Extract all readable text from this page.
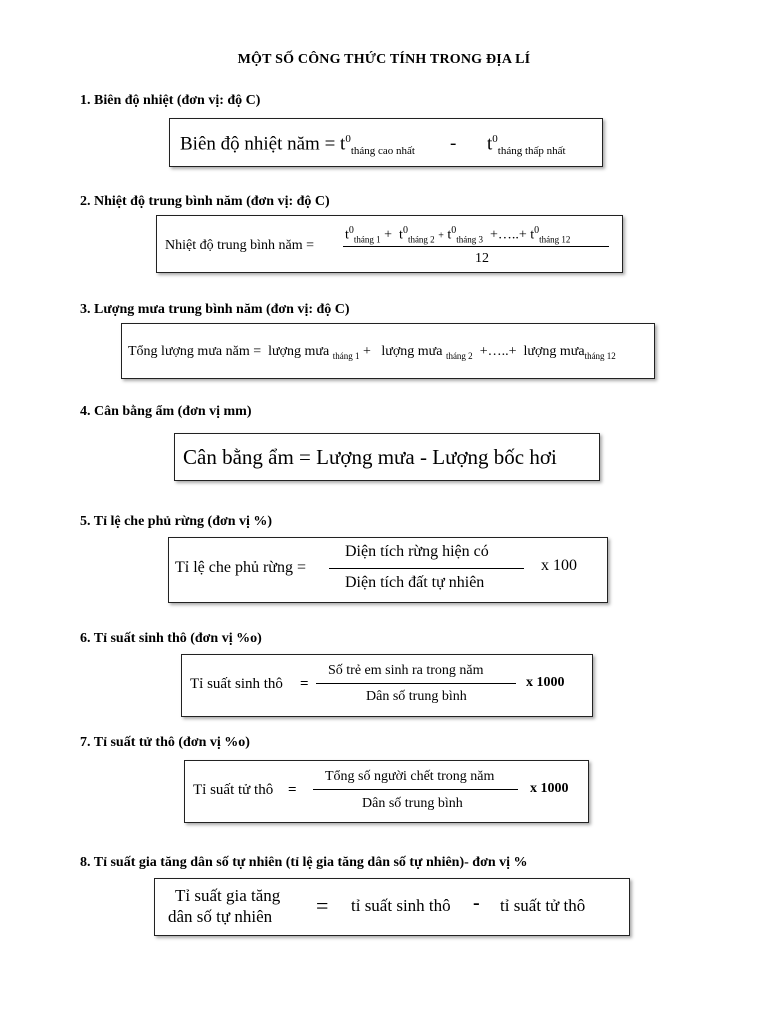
MỘT SỐ CÔNG THỨC TÍNH TRONG ĐỊA LÍ
1. Biên độ nhiệt (đơn vị: độ C)
Biên độ nhiệt năm = $t^0_{tháng cao nhất} - t^0_{tháng thấp nhất}$
2. Nhiệt độ trung bình năm (đơn vị: độ C)
Nhiệt độ trung bình năm =
$t^0_{tháng 1} + t^0_{tháng 2} + t^0_{tháng 3}$ +…..+ $t^0_{tháng 12}$
12
3. Lượng mưa trung bình năm (đơn vị: độ C)
Tổng lượng mưa năm = lượng mưa $_{tháng 1}$ + lượng mưa $_{tháng 2}$ +…..+ lượng mưa$_{tháng 12}$
4. Cân bằng ẩm (đơn vị mm)
Cân bằng ẩm = Lượng mưa - Lượng bốc hơi
5. Tỉ lệ che phủ rừng (đơn vị %)
Tỉ lệ che phủ rừng =
Diện tích rừng hiện có
Diện tích đất tự nhiên
x 100
6. Tỉ suất sinh thô (đơn vị %o)
Tỉ suất sinh thô =
Số trẻ em sinh ra trong năm
Dân số trung bình
x 1000
7. Tỉ suất tử thô (đơn vị %o)
Tỉ suất tử thô =
Tổng số người chết trong năm
Dân số trung bình
x 1000
8. Tỉ suất gia tăng dân số tự nhiên (tỉ lệ gia tăng dân số tự nhiên)- đơn vị %
Tỉ suất gia tăng
dân số tự nhiên = tỉ suất sinh thô - tỉ suất tử thô
